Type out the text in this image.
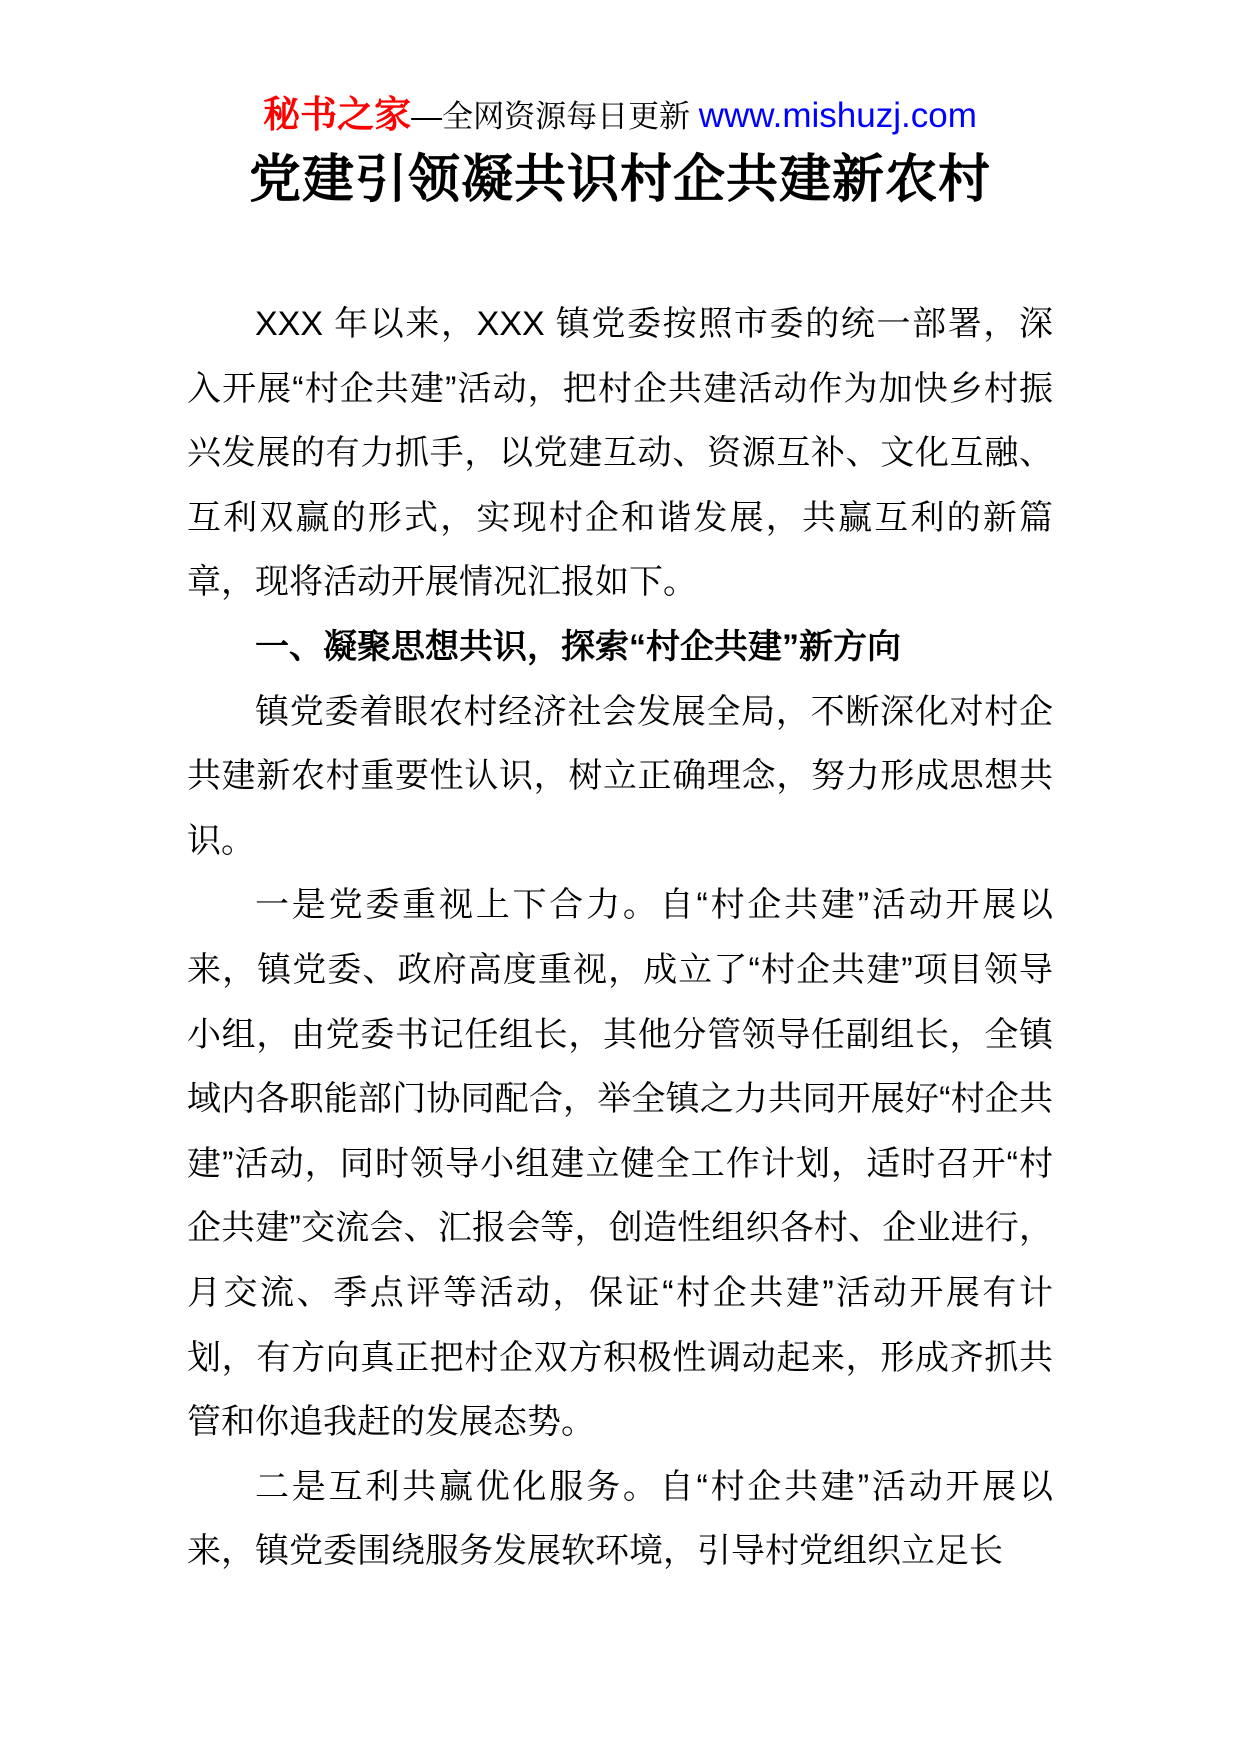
秘书之家—全网资源每日更新 www.mishuzj.com
党建引领凝共识村企共建新农村

XXX 年以来，XXX 镇党委按照市委的统一部署，深入开展“村企共建”活动，把村企共建活动作为加快乡村振兴发展的有力抓手，以党建互动、资源互补、文化互融、互利双赢的形式，实现村企和谐发展，共赢互利的新篇章，现将活动开展情况汇报如下。

一、凝聚思想共识，探索“村企共建”新方向

镇党委着眼农村经济社会发展全局，不断深化对村企共建新农村重要性认识，树立正确理念，努力形成思想共识。

一是党委重视上下合力。自“村企共建”活动开展以来，镇党委、政府高度重视，成立了“村企共建”项目领导小组，由党委书记任组长，其他分管领导任副组长，全镇域内各职能部门协同配合，举全镇之力共同开展好“村企共建”活动，同时领导小组建立健全工作计划，适时召开“村企共建”交流会、汇报会等，创造性组织各村、企业进行，月交流、季点评等活动，保证“村企共建”活动开展有计划，有方向真正把村企双方积极性调动起来，形成齐抓共管和你追我赶的发展态势。

二是互利共赢优化服务。自“村企共建”活动开展以来，镇党委围绕服务发展软环境，引导村党组织立足长
